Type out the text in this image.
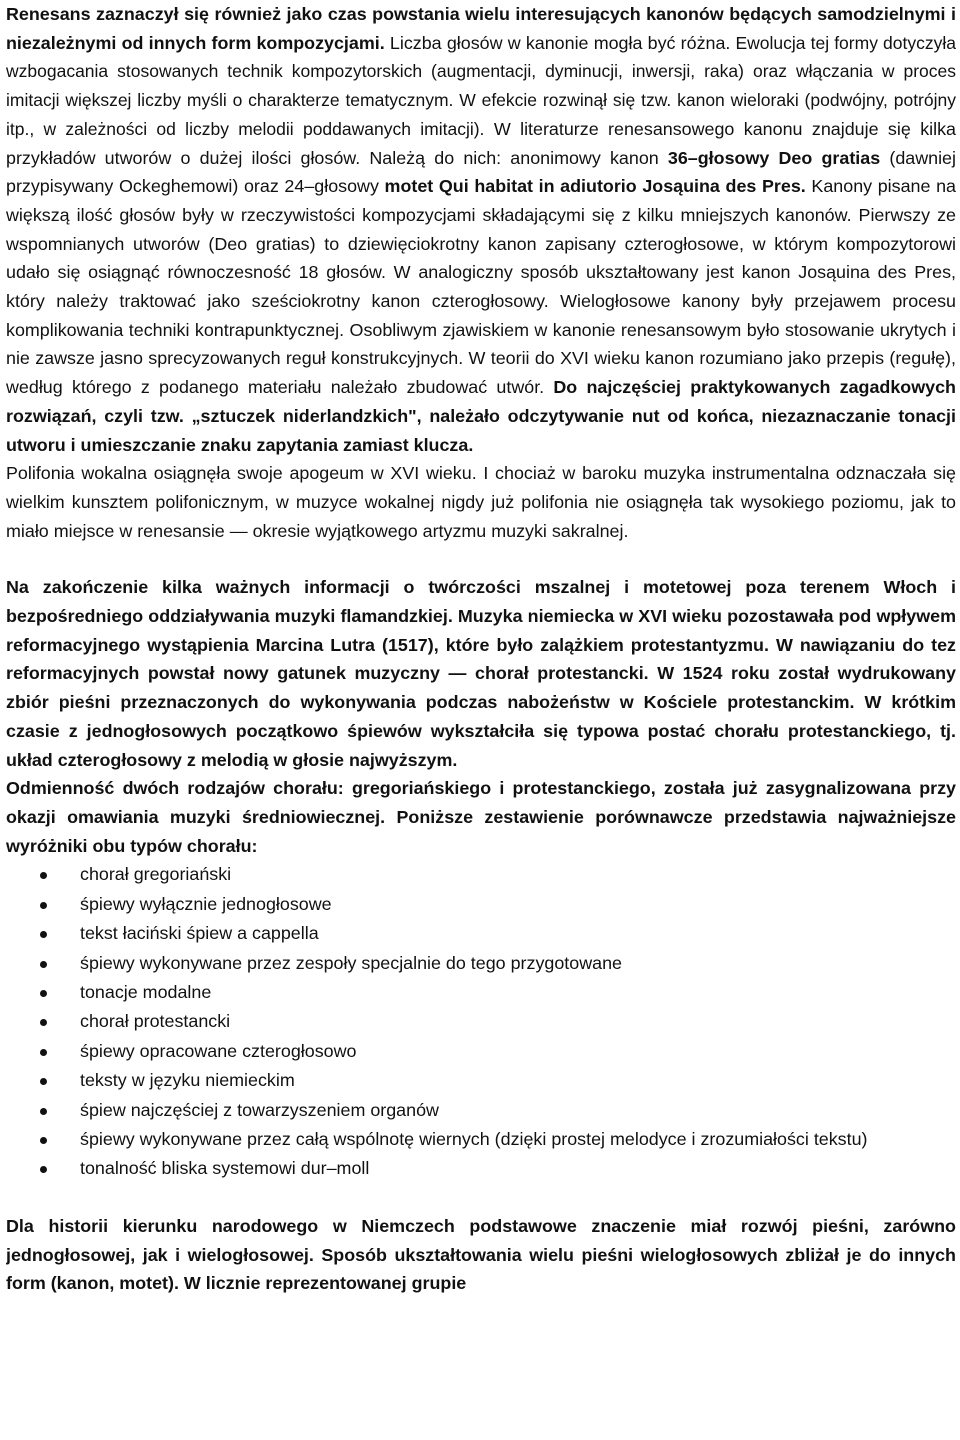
Renesans zaznaczył się również jako czas powstania wielu interesujących kanonów będących samodzielnymi i niezależnymi od innych form kompozycjami. Liczba głosów w kanonie mogła być różna. Ewolucja tej formy dotyczyła wzbogacania stosowanych technik kompozytorskich (augmentacji, dyminucji, inwersji, raka) oraz włączania w proces imitacji większej liczby myśli o charakterze tematycznym. W efekcie rozwinął się tzw. kanon wieloraki (podwójny, potrójny itp., w zależności od liczby melodii poddawanych imitacji). W literaturze renesansowego kanonu znajduje się kilka przykładów utworów o dużej ilości głosów. Należą do nich: anonimowy kanon 36–głosowy Deo gratias (dawniej przypisywany Ockeghemowi) oraz 24–głosowy motet Qui habitat in adiutorio Josąuina des Pres. Kanony pisane na większą ilość głosów były w rzeczywistości kompozycjami składającymi się z kilku mniejszych kanonów. Pierwszy ze wspomnianych utworów (Deo gratias) to dziewięciokrotny kanon zapisany czterogłosowe, w którym kompozytorowi udało się osiągnąć równoczesność 18 głosów. W analogiczny sposób ukształtowany jest kanon Josąuina des Pres, który należy traktować jako sześciokrotny kanon czterogłosowy. Wielogłosowe kanony były przejawem procesu komplikowania techniki kontrapunktycznej. Osobliwym zjawiskiem w kanonie renesansowym było stosowanie ukrytych i nie zawsze jasno sprecyzowanych reguł konstrukcyjnych. W teorii do XVI wieku kanon rozumiano jako przepis (regułę), według którego z podanego materiału należało zbudować utwór. Do najczęściej praktykowanych zagadkowych rozwiązań, czyli tzw. „sztuczek niderlandzkich", należało odczytywanie nut od końca, niezaznaczanie tonacji utworu i umieszczanie znaku zapytania zamiast klucza.

Polifonia wokalna osiągnęła swoje apogeum w XVI wieku. I chociaż w baroku muzyka instrumentalna odznaczała się wielkim kunsztem polifonicznym, w muzyce wokalnej nigdy już polifonia nie osiągnęła tak wysokiego poziomu, jak to miało miejsce w renesansie — okresie wyjątkowego artyzmu muzyki sakralnej.

Na zakończenie kilka ważnych informacji o twórczości mszalnej i motetowej poza terenem Włoch i bezpośredniego oddziaływania muzyki flamandzkiej. Muzyka niemiecka w XVI wieku pozostawała pod wpływem reformacyjnego wystąpienia Marcina Lutra (1517), które było zalążkiem protestantyzmu. W nawiązaniu do tez reformacyjnych powstał nowy gatunek muzyczny — chorał protestancki. W 1524 roku został wydrukowany zbiór pieśni przeznaczonych do wykonywania podczas nabożeństw w Kościele protestanckim. W krótkim czasie z jednogłosowych początkowo śpiewów wykształciła się typowa postać chorału protestanckiego, tj. układ czterogłosowy z melodią w głosie najwyższym.

Odmienność dwóch rodzajów chorału: gregoriańskiego i protestanckiego, została już zasygnalizowana przy okazji omawiania muzyki średniowiecznej. Poniższe zestawienie porównawcze przedstawia najważniejsze wyróżniki obu typów chorału:

chorał gregoriański
śpiewy wyłącznie jednogłosowe
tekst łaciński śpiew a cappella
śpiewy wykonywane przez zespoły specjalnie do tego przygotowane
tonacje modalne
chorał protestancki
śpiewy opracowane czterogłosowo
teksty w języku niemieckim
śpiew najczęściej z towarzyszeniem organów
śpiewy wykonywane przez całą wspólnotę wiernych (dzięki prostej melodyce i zrozumiałości tekstu)
tonalność bliska systemowi dur–moll

Dla historii kierunku narodowego w Niemczech podstawowe znaczenie miał rozwój pieśni, zarówno jednogłosowej, jak i wielogłosowej. Sposób ukształtowania wielu pieśni wielogłosowych zbliżał je do innych form (kanon, motet). W licznie reprezentowanej grupie
